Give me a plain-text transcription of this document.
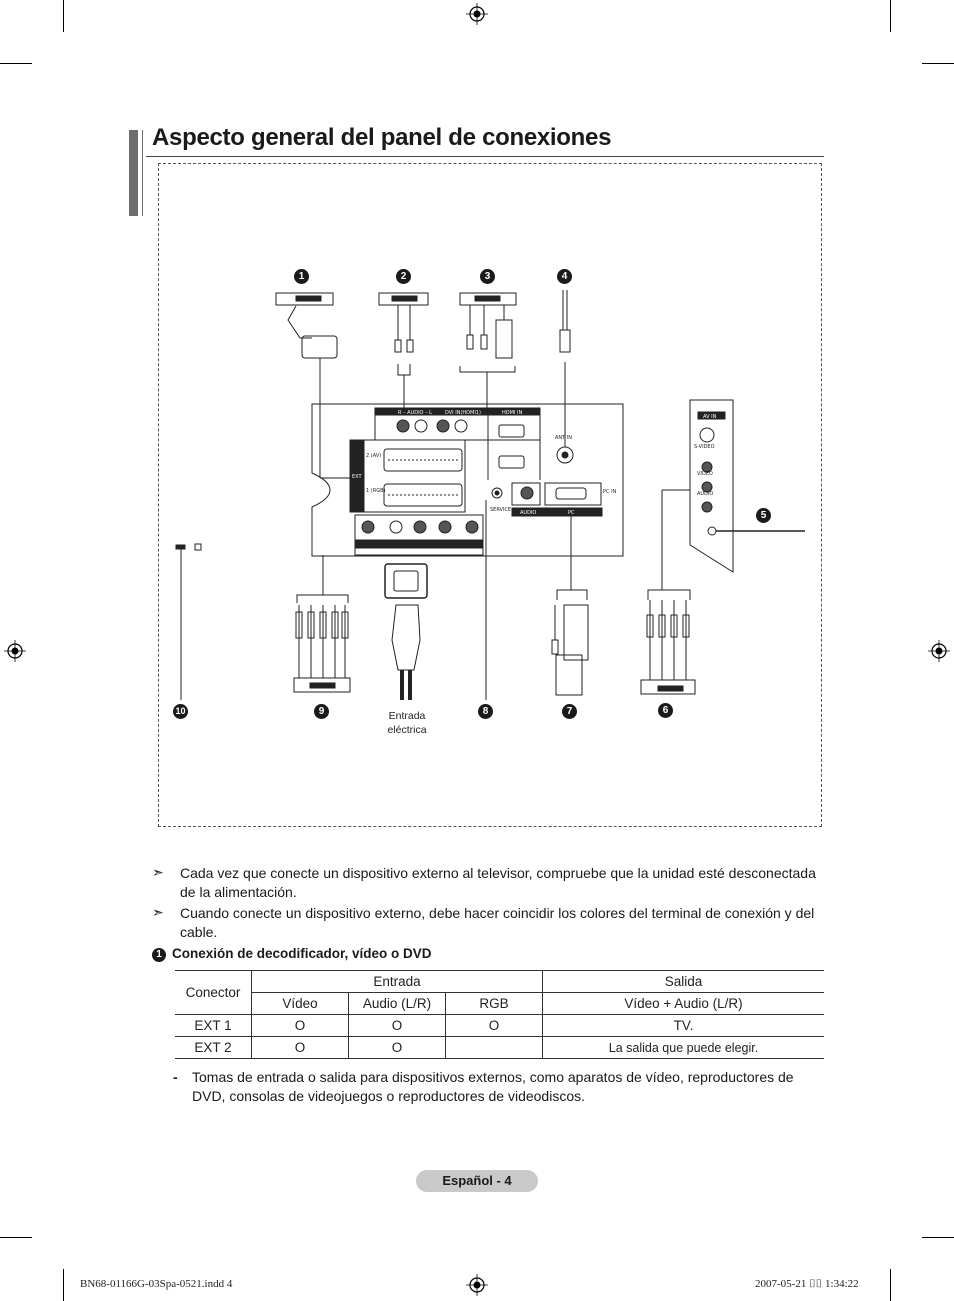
Aspecto general del panel de conexiones
R – AUDIO – L	DVI IN(HDMI1)	HDMI IN
COMPONENT IN
AUDIO	PC
AV IN
EXT
ANT IN
2 (AV)
1 (RGB)
SERVICE
PC IN
S-VIDEO
VIDEO
AUDIO
1	2	3	4
5
6
7
8
9
10	Entrada eléctrica
➣ Cada vez que conecte un dispositivo externo al televisor, compruebe que la unidad esté desconectada de la alimentación.
➣ Cuando conecte un dispositivo externo, debe hacer coincidir los colores del terminal de conexión y del cable.
1 Conexión de decodificador, vídeo o DVD
Conector	Entrada			Salida
	Vídeo	Audio (L/R)	RGB	Vídeo + Audio (L/R)
EXT 1	O	O	O	TV.
EXT 2	O	O		La salida que puede elegir.
- Tomas de entrada o salida para dispositivos externos, como aparatos de vídeo, reproductores de DVD, consolas de videojuegos o reproductores de videodiscos.
Español - 4
BN68-01166G-03Spa-0521.indd 4	2007-05-21 ⌷⌷ 1:34:22
